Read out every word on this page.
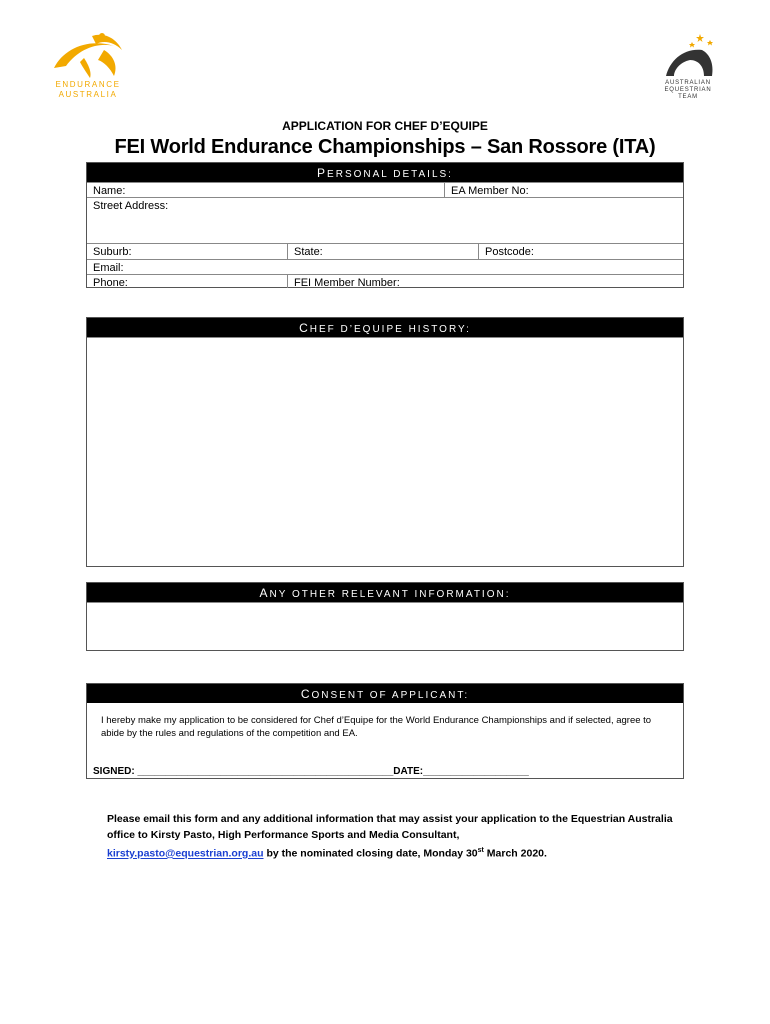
ENDURANCE
AUSTRALIA
AUSTRALIAN
EQUESTRIAN
TEAM
APPLICATION FOR CHEF D’EQUIPE
FEI World Endurance Championships – San Rossore (ITA)
PERSONAL DETAILS:
Name:	EA Member No:
Street Address:
Suburb:	State:	Postcode:
Email:
Phone:	FEI Member Number:
CHEF D’EQUIPE HISTORY:
ANY OTHER RELEVANT INFORMATION:
CONSENT OF APPLICANT:
I hereby make my application to be considered for Chef d’Equipe for the World Endurance Championships and if selected, agree to abide by the rules and regulations of the competition and EA.
SIGNED: ______________________________________________DATE:___________________
Please email this form and any additional information that may assist your application to the Equestrian Australia office to Kirsty Pasto, High Performance Sports and Media Consultant,
kirsty.pasto@equestrian.org.au by the nominated closing date, Monday 30st March 2020.
